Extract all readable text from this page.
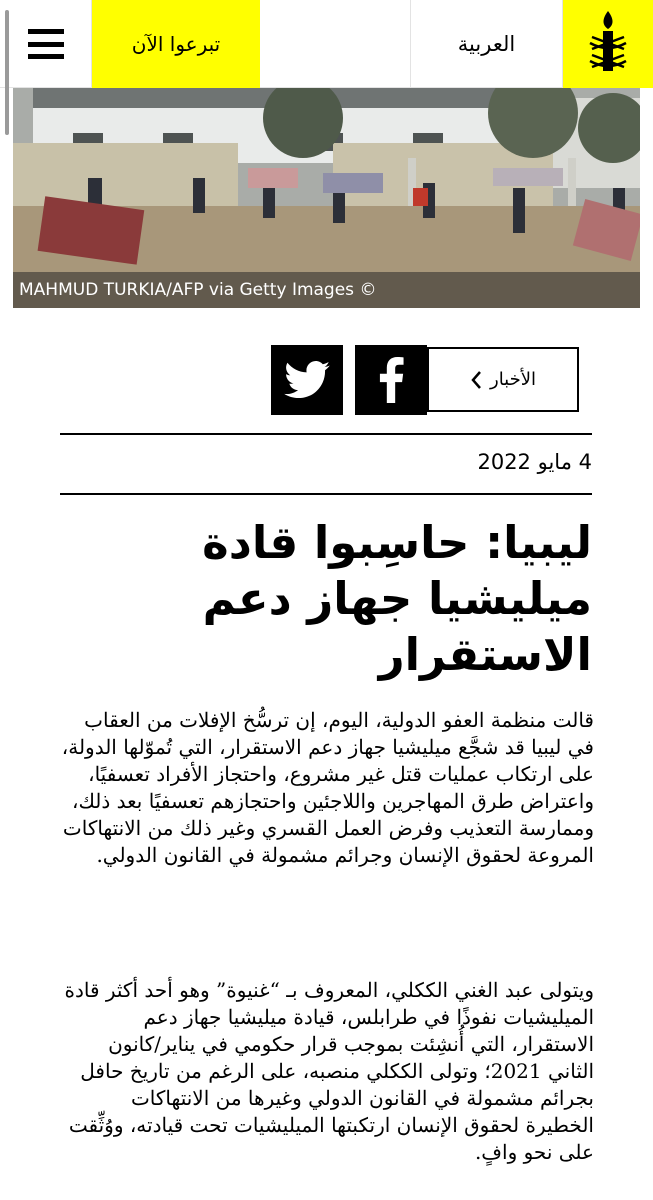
تبرعوا الآن	العربية
MAHMUD TURKIA/AFP via Getty Images ©
الأخبار
4 مايو 2022
ليبيا: حاسِبوا قادة ميليشيا جهاز دعم الاستقرار

قالت منظمة العفو الدولية، اليوم، إن ترسُّخ الإفلات من العقاب في ليبيا قد شجَّع ميليشيا جهاز دعم الاستقرار، التي تُموّلها الدولة، على ارتكاب عمليات قتل غير مشروع، واحتجاز الأفراد تعسفيًا، واعتراض طرق المهاجرين واللاجئين واحتجازهم تعسفيًا بعد ذلك، وممارسة التعذيب وفرض العمل القسري وغير ذلك من الانتهاكات المروعة لحقوق الإنسان وجرائم مشمولة في القانون الدولي.

ويتولى عبد الغني الككلي، المعروف بـ “غنيوة” وهو أحد أكثر قادة الميليشيات نفوذًا في طرابلس، قيادة ميليشيا جهاز دعم الاستقرار، التي أُنشِئت بموجب قرار حكومي في يناير/كانون الثاني 2021؛ وتولى الككلي منصبه، على الرغم من تاريخ حافل بجرائم مشمولة في القانون الدولي وغيرها من الانتهاكات الخطيرة لحقوق الإنسان ارتكبتها الميليشيات تحت قيادته، ووُثِّقت على نحو وافٍ.
